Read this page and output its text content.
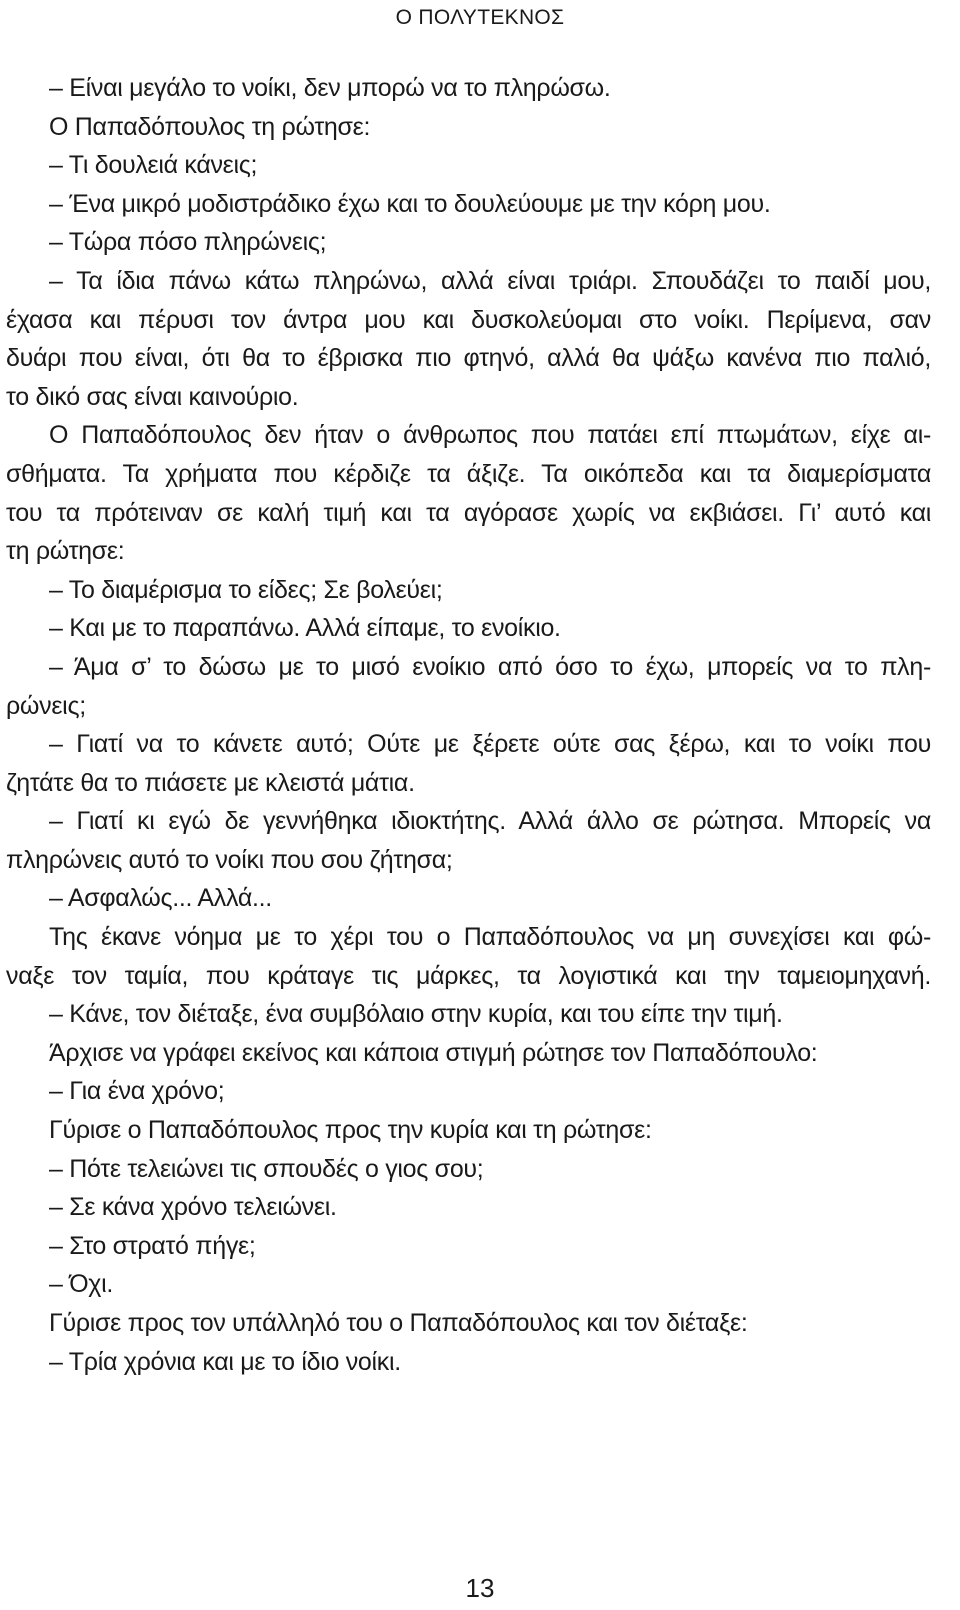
Ο ΠΟΛΥΤΕΚΝΟΣ
– Είναι μεγάλο το νοίκι, δεν μπορώ να το πληρώσω.
Ο Παπαδόπουλος τη ρώτησε:
– Τι δουλειά κάνεις;
– Ένα μικρό μοδιστράδικο έχω και το δουλεύουμε με την κόρη μου.
– Τώρα πόσο πληρώνεις;
– Τα ίδια πάνω κάτω πληρώνω, αλλά είναι τριάρι. Σπουδάζει το παιδί μου,
έχασα και πέρυσι τον άντρα μου και δυσκολεύομαι στο νοίκι. Περίμενα, σαν
δυάρι που είναι, ότι θα το έβρισκα πιο φτηνό, αλλά θα ψάξω κανένα πιο παλιό,
το δικό σας είναι καινούριο.
Ο Παπαδόπουλος δεν ήταν ο άνθρωπος που πατάει επί πτωμάτων, είχε αι-
σθήματα. Τα χρήματα που κέρδιζε τα άξιζε. Τα οικόπεδα και τα διαμερίσματα
του τα πρότειναν σε καλή τιμή και τα αγόρασε χωρίς να εκβιάσει. Γι’ αυτό και
τη ρώτησε:
– Το διαμέρισμα το είδες; Σε βολεύει;
– Και με το παραπάνω. Αλλά είπαμε, το ενοίκιο.
– Άμα σ’ το δώσω με το μισό ενοίκιο από όσο το έχω, μπορείς να το πλη-
ρώνεις;
– Γιατί να το κάνετε αυτό; Ούτε με ξέρετε ούτε σας ξέρω, και το νοίκι που
ζητάτε θα το πιάσετε με κλειστά μάτια.
– Γιατί κι εγώ δε γεννήθηκα ιδιοκτήτης. Αλλά άλλο σε ρώτησα. Μπορείς να
πληρώνεις αυτό το νοίκι που σου ζήτησα;
– Ασφαλώς... Αλλά...
Της έκανε νόημα με το χέρι του ο Παπαδόπουλος να μη συνεχίσει και φώ-
ναξε τον ταμία, που κράταγε τις μάρκες, τα λογιστικά και την ταμειομηχανή.
– Κάνε, τον διέταξε, ένα συμβόλαιο στην κυρία, και του είπε την τιμή.
Άρχισε να γράφει εκείνος και κάποια στιγμή ρώτησε τον Παπαδόπουλο:
– Για ένα χρόνο;
Γύρισε ο Παπαδόπουλος προς την κυρία και τη ρώτησε:
– Πότε τελειώνει τις σπουδές ο γιος σου;
– Σε κάνα χρόνο τελειώνει.
– Στο στρατό πήγε;
– Όχι.
Γύρισε προς τον υπάλληλό του ο Παπαδόπουλος και τον διέταξε:
– Τρία χρόνια και με το ίδιο νοίκι.
13
